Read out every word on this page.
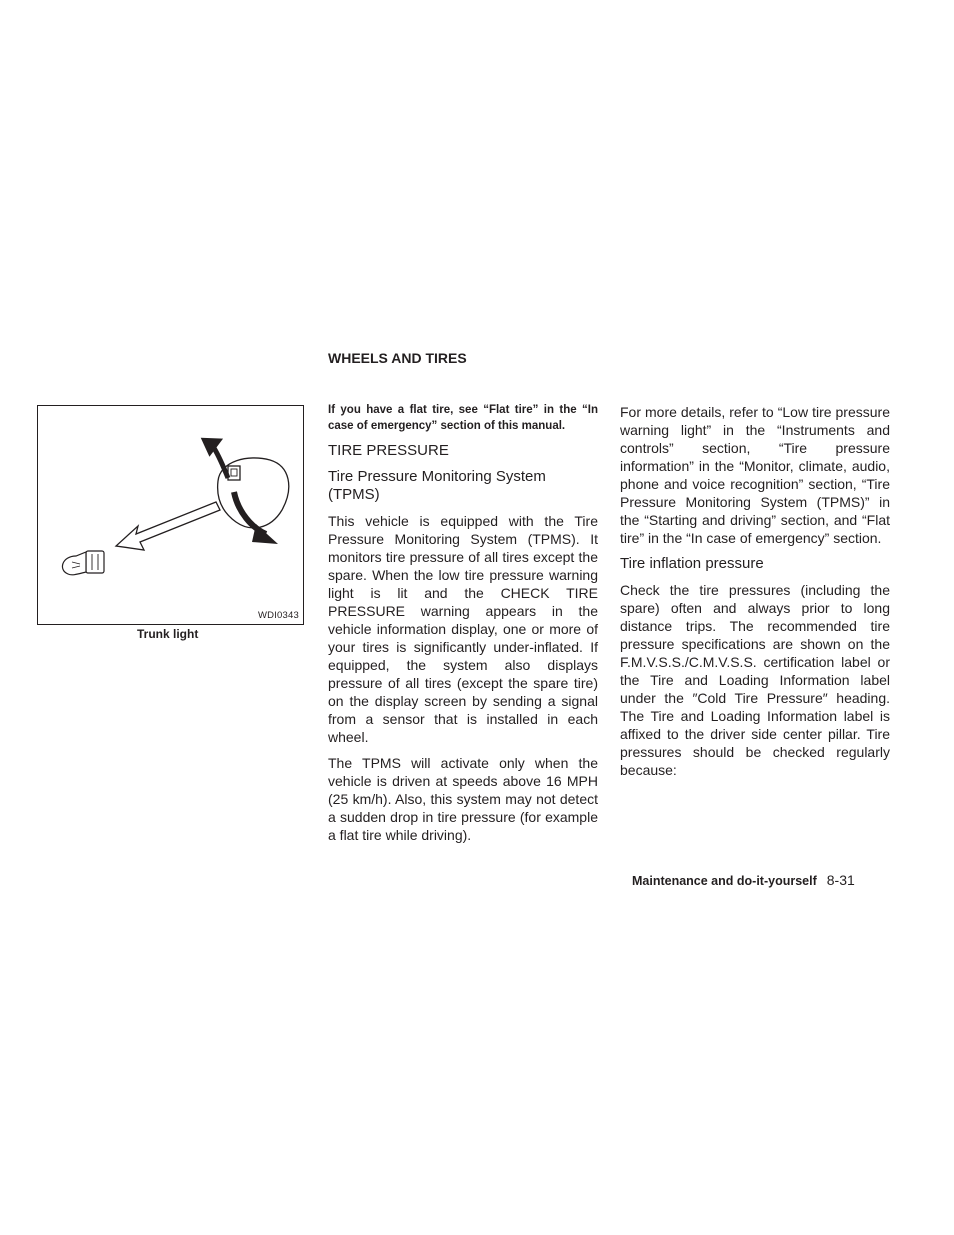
WDI0343
Trunk light
WHEELS AND TIRES

If you have a flat tire, see “Flat tire” in the “In case of emergency” section of this manual.

TIRE PRESSURE
Tire Pressure Monitoring System (TPMS)

This vehicle is equipped with the Tire Pressure Monitoring System (TPMS). It monitors tire pressure of all tires except the spare. When the low tire pressure warning light is lit and the CHECK TIRE PRESSURE warning appears in the vehicle information display, one or more of your tires is significantly under-inflated. If equipped, the system also displays pressure of all tires (except the spare tire) on the display screen by sending a signal from a sensor that is installed in each wheel.

The TPMS will activate only when the vehicle is driven at speeds above 16 MPH (25 km/h). Also, this system may not detect a sudden drop in tire pressure (for example a flat tire while driving).

For more details, refer to “Low tire pressure warning light” in the “Instruments and controls” section, “Tire pressure information” in the “Monitor, climate, audio, phone and voice recognition” section, “Tire Pressure Monitoring System (TPMS)” in the “Starting and driving” section, and “Flat tire” in the “In case of emergency” section.

Tire inflation pressure

Check the tire pressures (including the spare) often and always prior to long distance trips. The recommended tire pressure specifications are shown on the F.M.V.S.S./C.M.V.S.S. certification label or the Tire and Loading Information label under the ″Cold Tire Pressure″ heading. The Tire and Loading Information label is affixed to the driver side center pillar. Tire pressures should be checked regularly because:

Maintenance and do-it-yourself 8-31
